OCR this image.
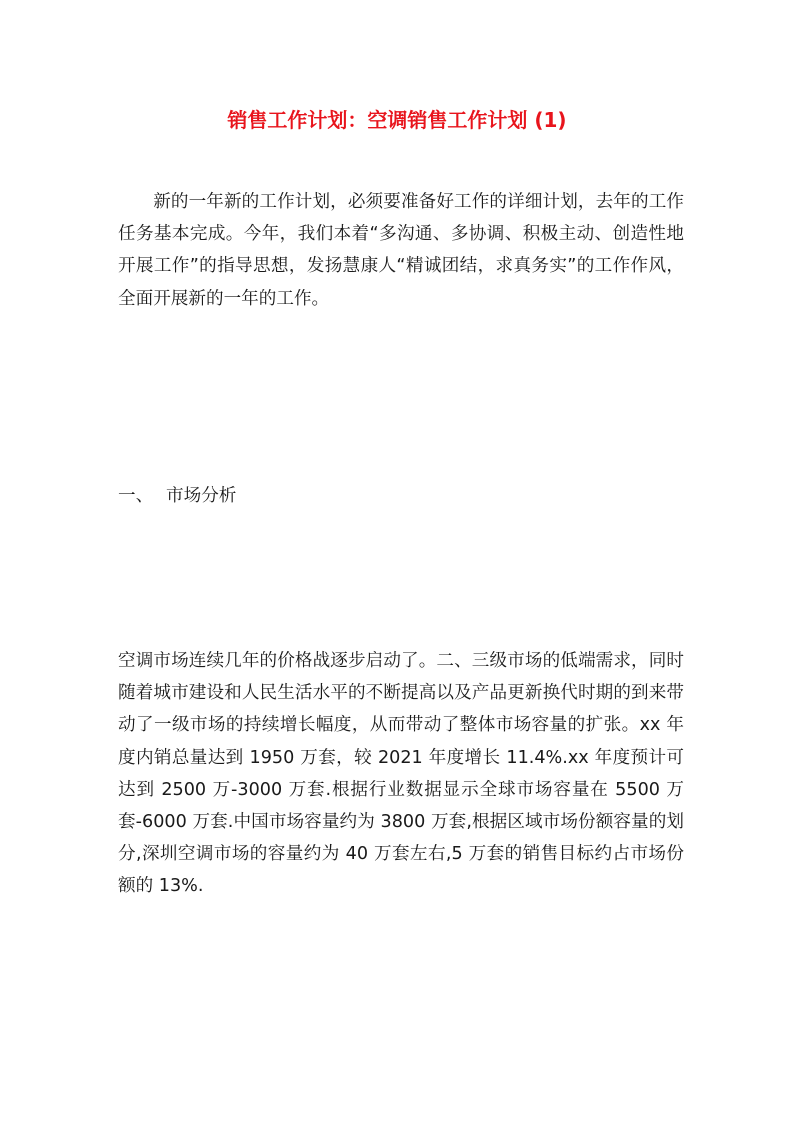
销售工作计划：空调销售工作计划 (1)

新的一年新的工作计划，必须要准备好工作的详细计划，去年的工作任务基本完成。今年，我们本着“多沟通、多协调、积极主动、创造性地开展工作”的指导思想，发扬慧康人“精诚团结，求真务实”的工作作风，全面开展新的一年的工作。

一、 市场分析

空调市场连续几年的价格战逐步启动了。二、三级市场的低端需求，同时随着城市建设和人民生活水平的不断提高以及产品更新换代时期的到来带动了一级市场的持续增长幅度，从而带动了整体市场容量的扩张。xx 年度内销总量达到 1950 万套，较 2021 年度增长 11.4%.xx 年度预计可达到 2500 万-3000 万套.根据行业数据显示全球市场容量在 5500 万套-6000 万套.中国市场容量约为 3800 万套,根据区域市场份额容量的划分,深圳空调市场的容量约为 40 万套左右,5 万套的销售目标约占市场份额的 13%.
